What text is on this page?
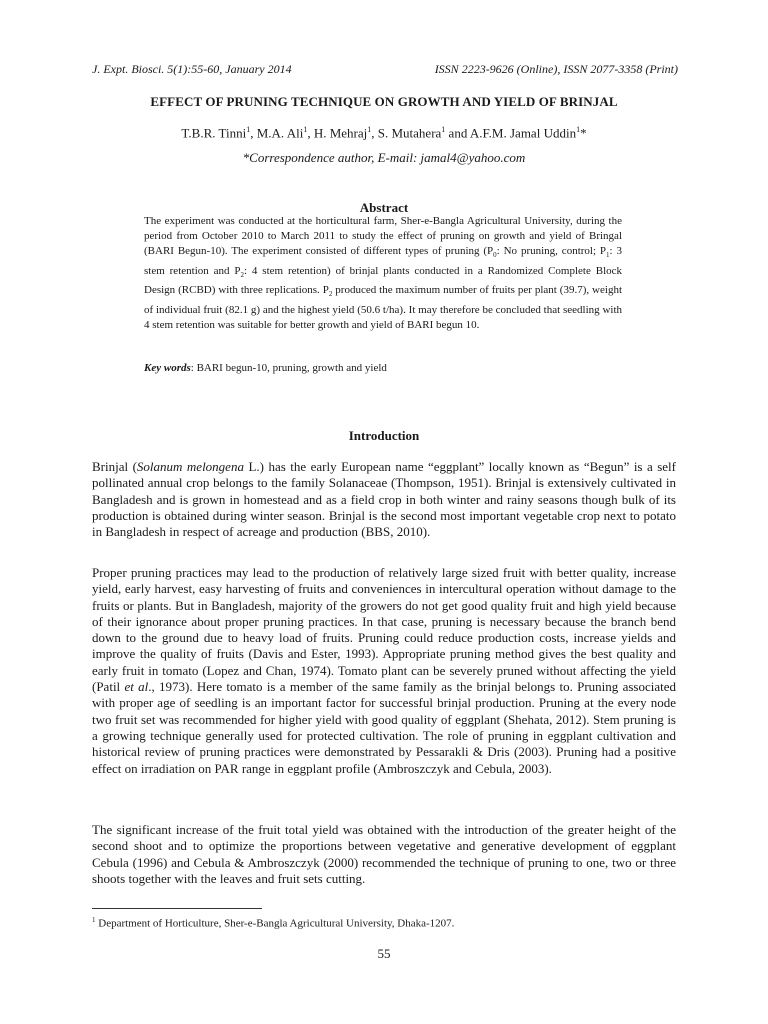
J. Expt. Biosci. 5(1):55-60, January 2014	ISSN 2223-9626 (Online), ISSN 2077-3358 (Print)
EFFECT OF PRUNING TECHNIQUE ON GROWTH AND YIELD OF BRINJAL
T.B.R. Tinni$^1$, M.A. Ali$^1$, H. Mehraj$^1$, S. Mutahera$^1$ and A.F.M. Jamal Uddin$^1$*
*Correspondence author, E-mail: jamal4@yahoo.com
Abstract

The experiment was conducted at the horticultural farm, Sher-e-Bangla Agricultural University, during the period from October 2010 to March 2011 to study the effect of pruning on growth and yield of Bringal (BARI Begun-10). The experiment consisted of different types of pruning ($P_0$: No pruning, control; $P_1$: 3 stem retention and $P_2$: 4 stem retention) of brinjal plants conducted in a Randomized Complete Block Design (RCBD) with three replications. $P_2$ produced the maximum number of fruits per plant (39.7), weight of individual fruit (82.1 g) and the highest yield (50.6 t/ha). It may therefore be concluded that seedling with 4 stem retention was suitable for better growth and yield of BARI begun 10.

Key words: BARI begun-10, pruning, growth and yield

Introduction

Brinjal (Solanum melongena L.) has the early European name “eggplant” locally known as “Begun” is a self pollinated annual crop belongs to the family Solanaceae (Thompson, 1951). Brinjal is extensively cultivated in Bangladesh and is grown in homestead and as a field crop in both winter and rainy seasons though bulk of its production is obtained during winter season. Brinjal is the second most important vegetable crop next to potato in Bangladesh in respect of acreage and production (BBS, 2010).

Proper pruning practices may lead to the production of relatively large sized fruit with better quality, increase yield, early harvest, easy harvesting of fruits and conveniences in intercultural operation without damage to the fruits or plants. But in Bangladesh, majority of the growers do not get good quality fruit and high yield because of their ignorance about proper pruning practices. In that case, pruning is necessary because the branch bend down to the ground due to heavy load of fruits. Pruning could reduce production costs, increase yields and improve the quality of fruits (Davis and Ester, 1993). Appropriate pruning method gives the best quality and early fruit in tomato (Lopez and Chan, 1974). Tomato plant can be severely pruned without affecting the yield (Patil et al., 1973). Here tomato is a member of the same family as the brinjal belongs to. Pruning associated with proper age of seedling is an important factor for successful brinjal production. Pruning at the every node two fruit set was recommended for higher yield with good quality of eggplant (Shehata, 2012). Stem pruning is a growing technique generally used for protected cultivation. The role of pruning in eggplant cultivation and historical review of pruning practices were demonstrated by Pessarakli & Dris (2003). Pruning had a positive effect on irradiation on PAR range in eggplant profile (Ambroszczyk and Cebula, 2003).

The significant increase of the fruit total yield was obtained with the introduction of the greater height of the second shoot and to optimize the proportions between vegetative and generative development of eggplant Cebula (1996) and Cebula & Ambroszczyk (2000) recommended the technique of pruning to one, two or three shoots together with the leaves and fruit sets cutting.

$^1$ Department of Horticulture, Sher-e-Bangla Agricultural University, Dhaka-1207.

55
